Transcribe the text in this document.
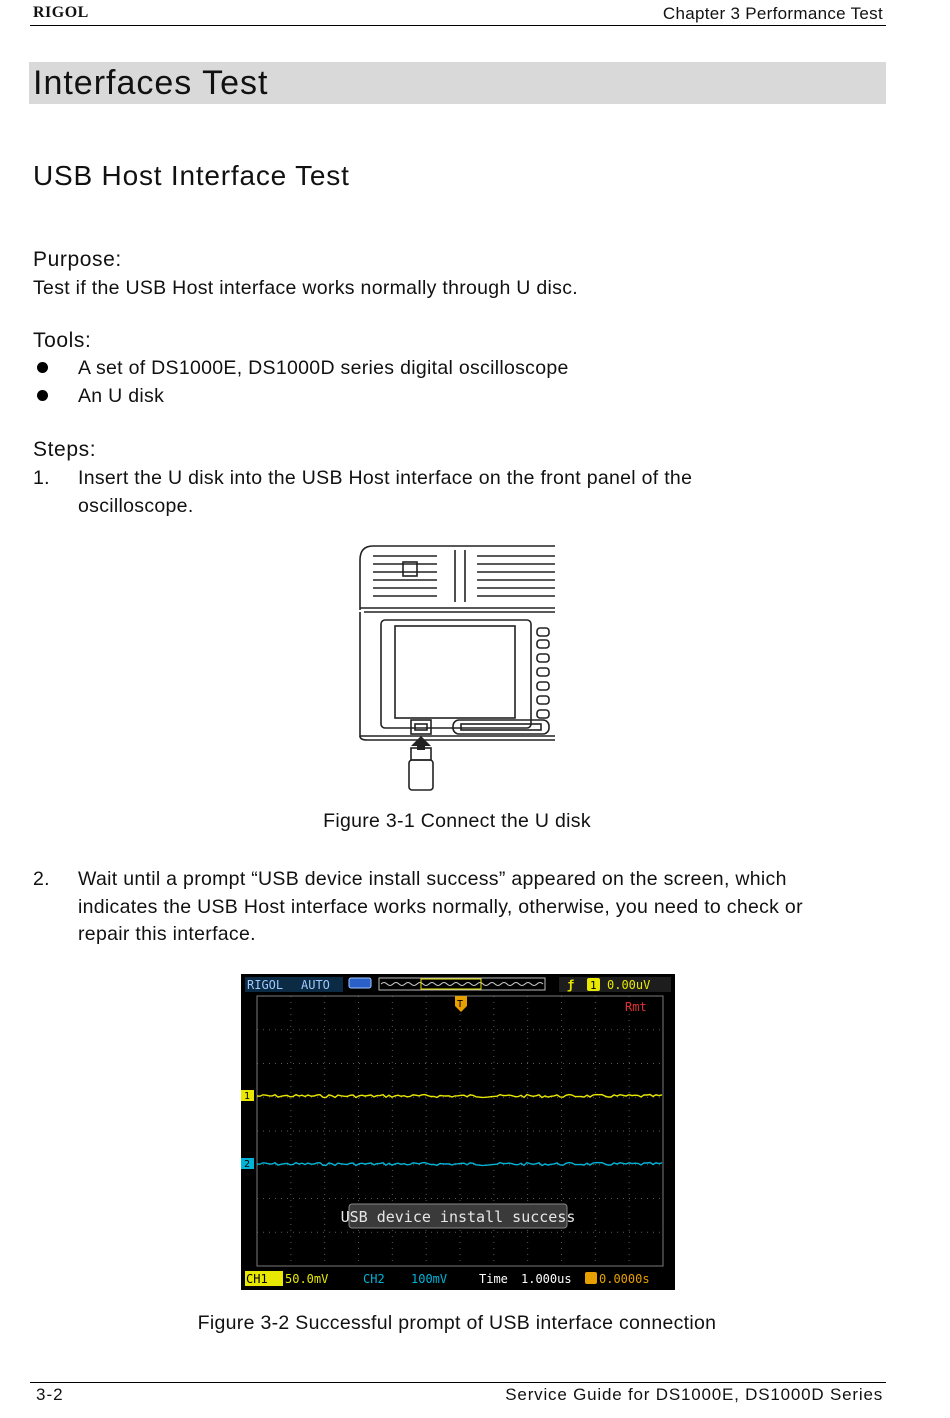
RIGOL	Chapter 3 Performance Test
Interfaces Test
USB Host Interface Test
Purpose:
Test if the USB Host interface works normally through U disc.
Tools:
A set of DS1000E, DS1000D series digital oscilloscope
An U disk
Steps:
1. Insert the U disk into the USB Host interface on the front panel of the
oscilloscope.
Figure 3-1 Connect the U disk
2. Wait until a prompt “USB device install success” appeared on the screen, which
indicates the USB Host interface works normally, otherwise, you need to check or
repair this interface.
RIGOL AUTO	ƒ 1 0.00uV
T	Rmt
1
2
USB device install success
CH1 50.0mV	CH2 100mV	Time 1.000us 0.0000s
Figure 3-2 Successful prompt of USB interface connection
3-2	Service Guide for DS1000E, DS1000D Series
